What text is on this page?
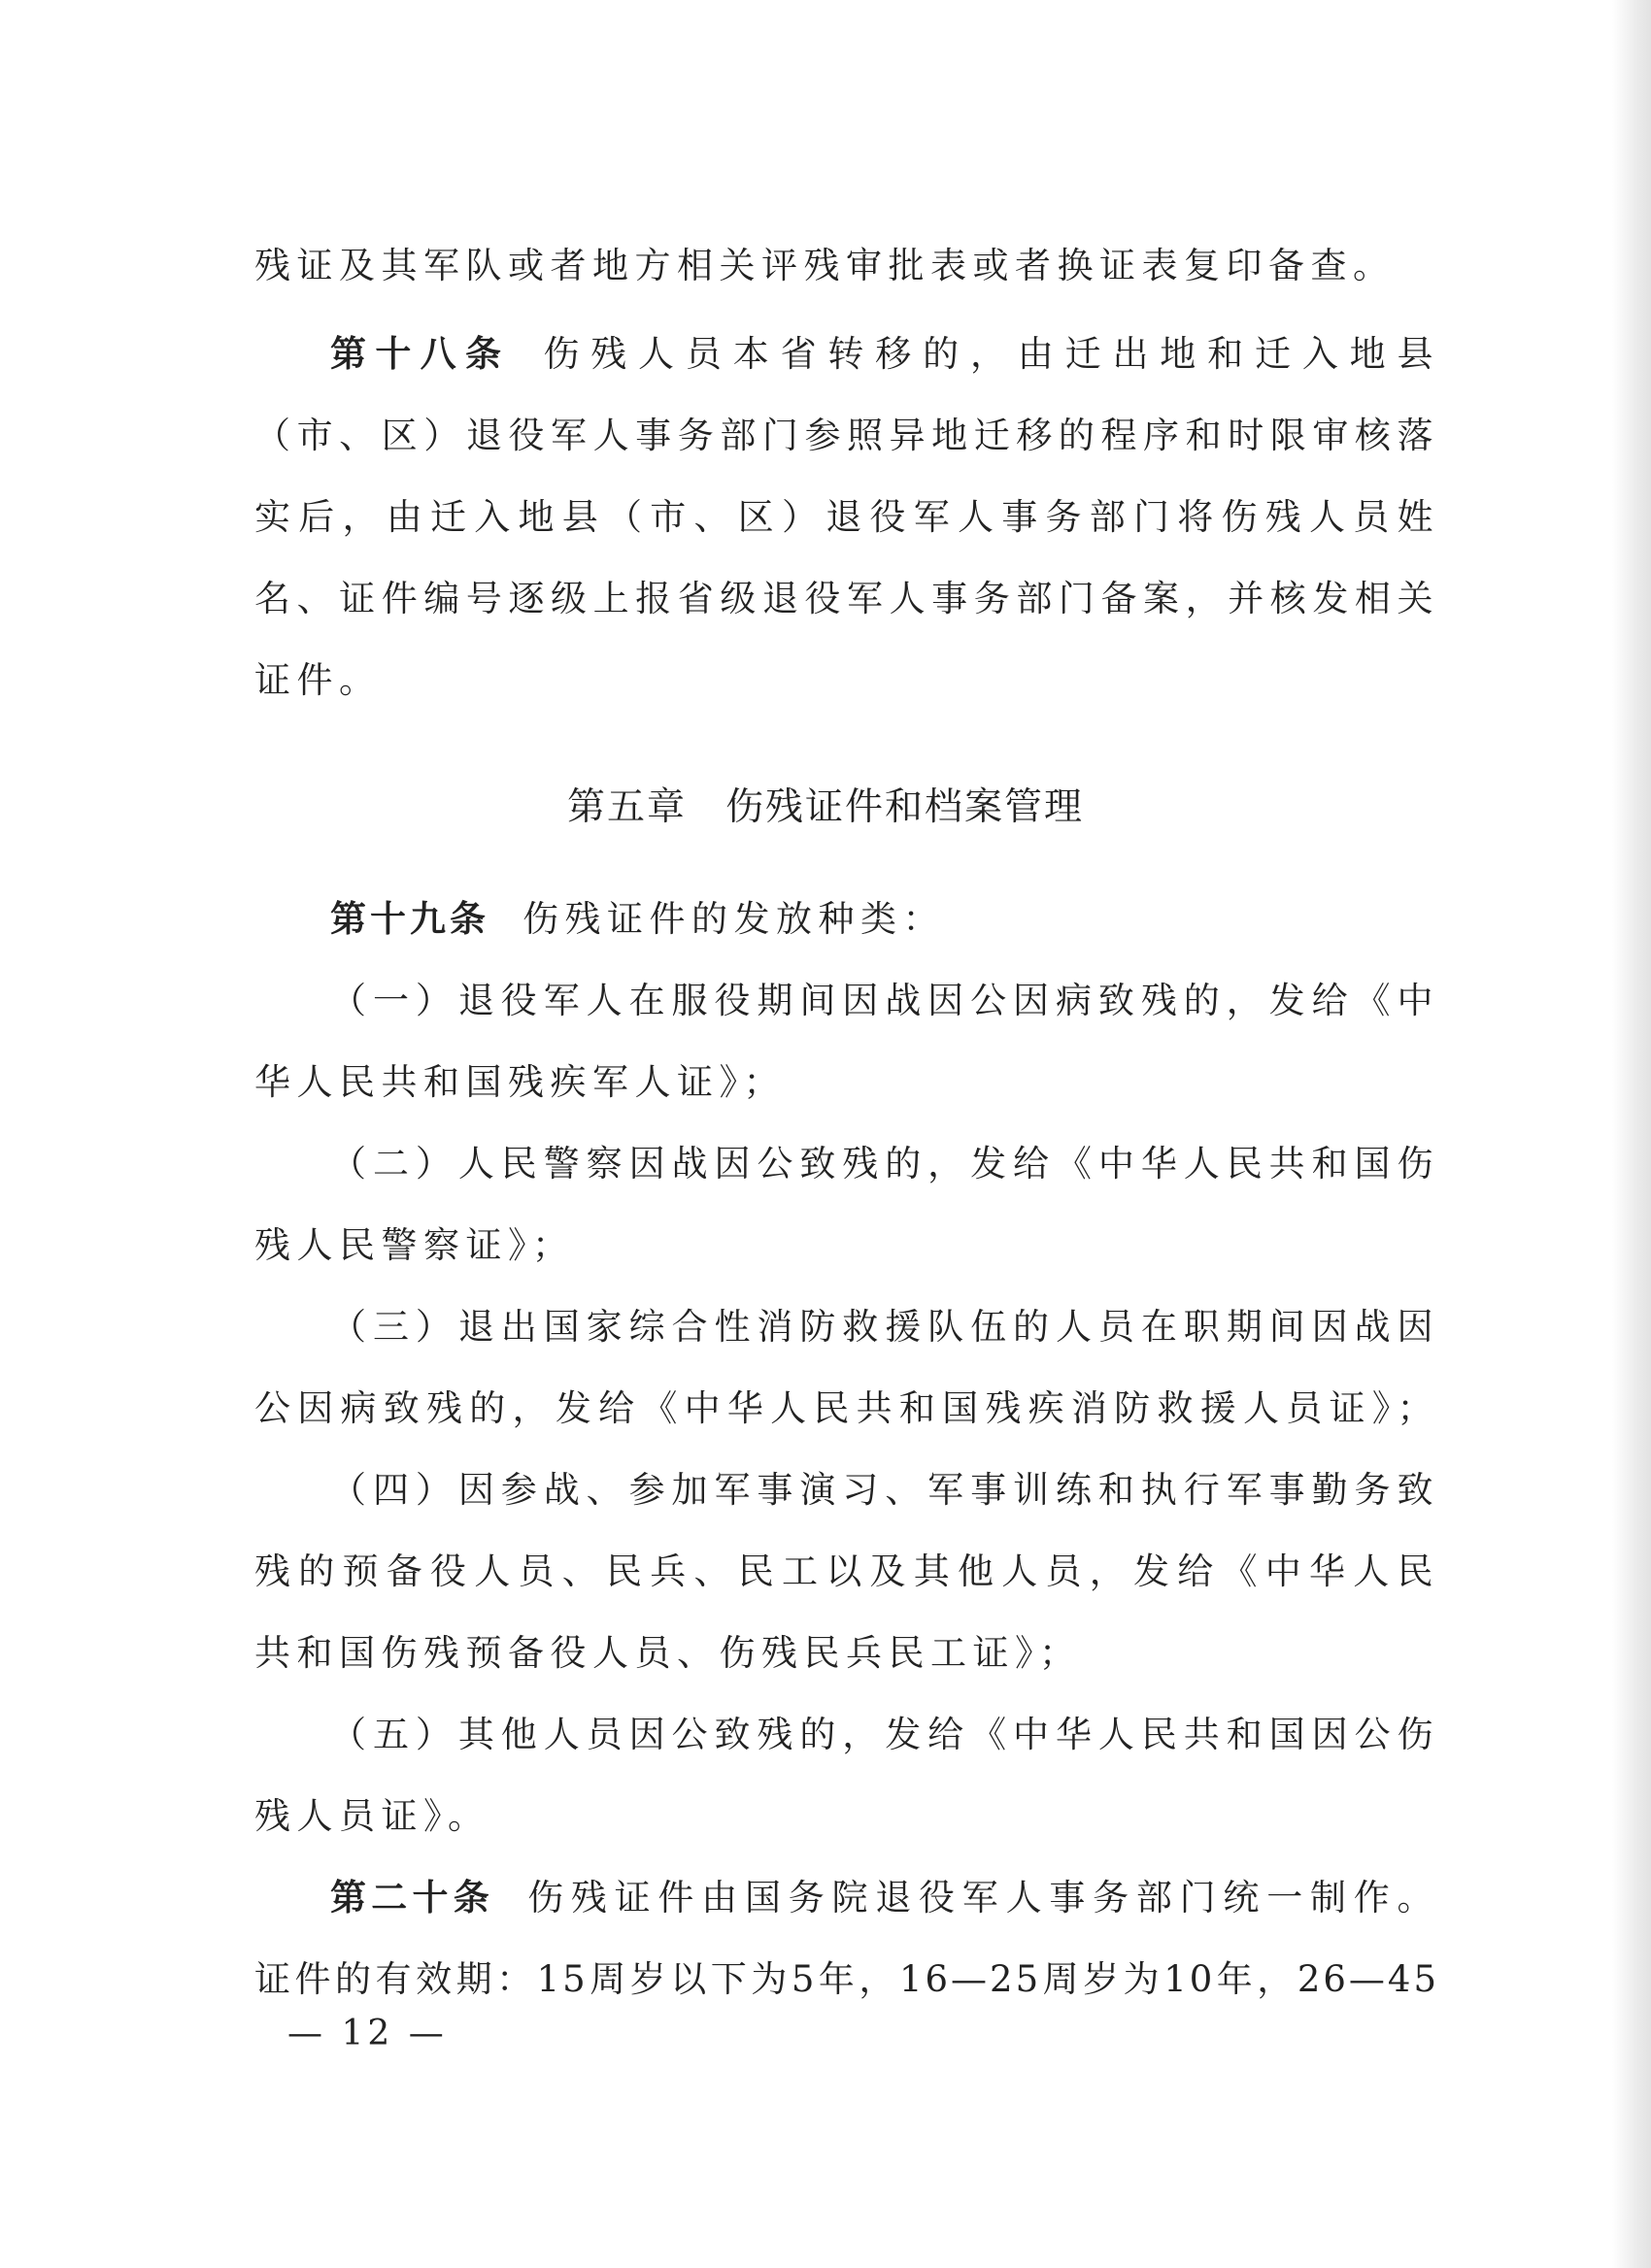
残证及其军队或者地方相关评残审批表或者换证表复印备查。
第十八条 伤残人员本省转移的，由迁出地和迁入地县
（市、区）退役军人事务部门参照异地迁移的程序和时限审核落
实后，由迁入地县（市、区）退役军人事务部门将伤残人员姓
名、证件编号逐级上报省级退役军人事务部门备案，并核发相关
证件。
第五章 伤残证件和档案管理
第十九条 伤残证件的发放种类：
（一）退役军人在服役期间因战因公因病致残的，发给《中
华人民共和国残疾军人证》；
（二）人民警察因战因公致残的，发给《中华人民共和国伤
残人民警察证》；
（三）退出国家综合性消防救援队伍的人员在职期间因战因
公因病致残的，发给《中华人民共和国残疾消防救援人员证》；
（四）因参战、参加军事演习、军事训练和执行军事勤务致
残的预备役人员、民兵、民工以及其他人员，发给《中华人民
共和国伤残预备役人员、伤残民兵民工证》；
（五）其他人员因公致残的，发给《中华人民共和国因公伤
残人员证》。
第二十条 伤残证件由国务院退役军人事务部门统一制作。
证件的有效期：15周岁以下为5年，16—25周岁为10年，26—45
— 12 —
